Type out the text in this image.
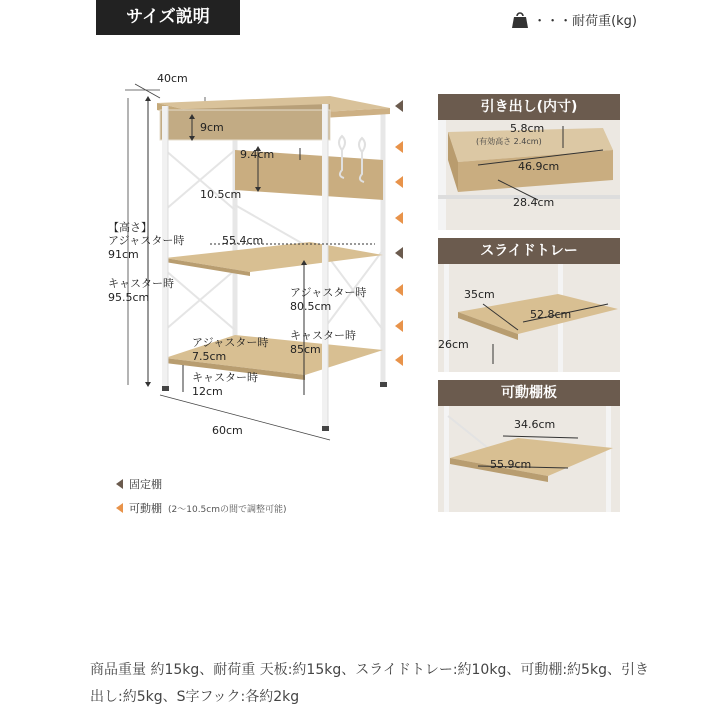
サイズ説明	・・・耐荷重(kg)
40cm
9cm
9.4cm
10.5cm
【高さ】
アジャスター時
91cm
キャスター時
95.5cm
55.4cm
アジャスター時
80.5cm
キャスター時
85cm
アジャスター時
7.5cm
キャスター時
12cm
60cm
引き出し(内寸)
5.8cm
(有効高さ 2.4cm)
46.9cm
28.4cm
スライドトレー
35cm
52.8cm
26cm
可動棚板
34.6cm
55.9cm
固定棚
可動棚 (2〜10.5cmの間で調整可能)
商品重量 約15kg、耐荷重 天板:約15kg、スライドトレー:約10kg、可動棚:約5kg、引き出し:約5kg、S字フック:各約2kg
